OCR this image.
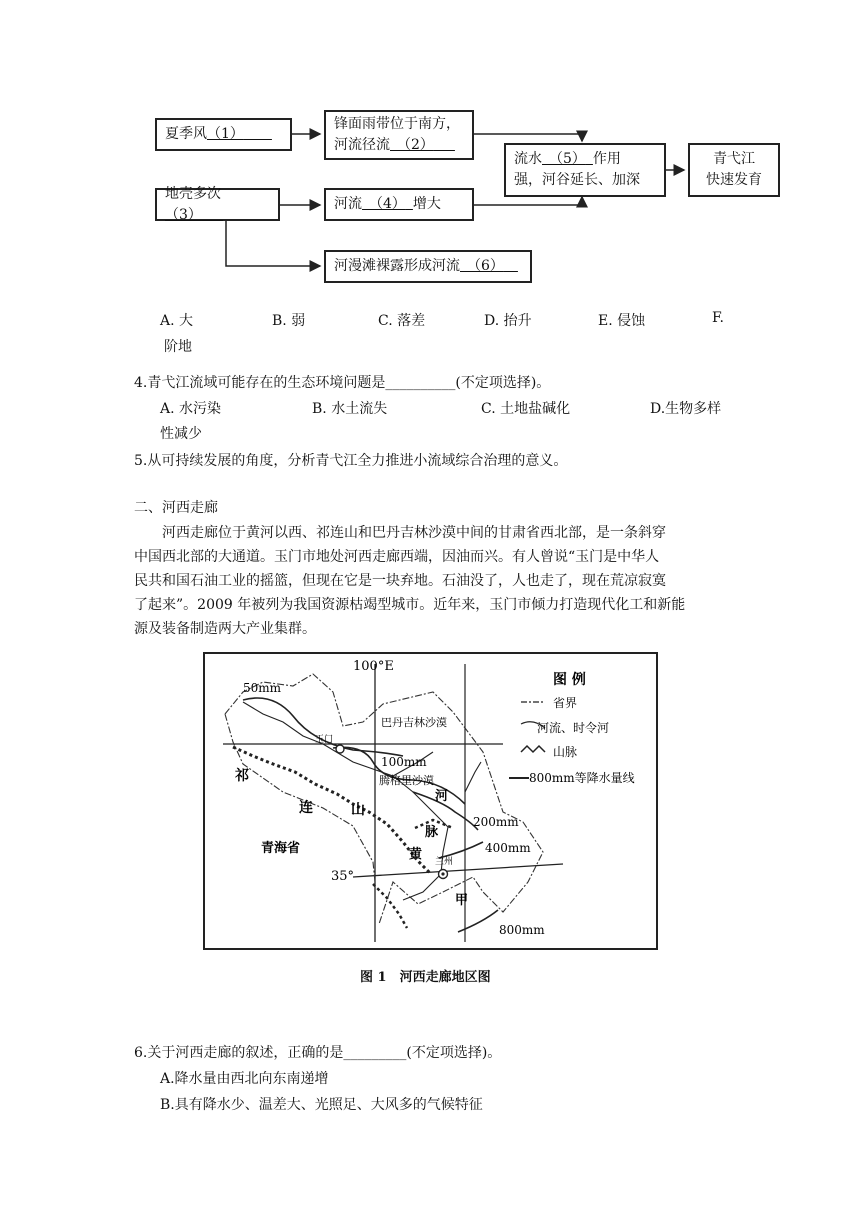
夏季风（1）  
锋面雨带位于南方，
河流径流  （2）  
流水  （5）  作用
强，河谷延长、加深
青弋江
快速发育
地壳多次（3）  
河流  （4）  增大
河漫滩裸露形成河流  （6） 
A. 大	B. 弱	C. 落差	D. 抬升	E. 侵蚀	F.
阶地
4.青弋江流域可能存在的生态环境问题是__________(不定项选择)。
A. 水污染	B. 水土流失	C. 土地盐碱化	D.生物多样
性减少
5.从可持续发展的角度，分析青弋江全力推进小流域综合治理的意义。
二、河西走廊
河西走廊位于黄河以西、祁连山和巴丹吉林沙漠中间的甘肃省西北部，是一条斜穿
中国西北部的大通道。玉门市地处河西走廊西端，因油而兴。有人曾说“玉门是中华人
民共和国石油工业的摇篮，但现在它是一块弃地。石油没了，人也走了，现在荒凉寂寞
了起来”。2009 年被列为我国资源枯竭型城市。近年来，玉门市倾力打造现代化工和新能
源及装备制造两大产业集群。
100°E
35°
50mm
100mm
200mm
400mm
800mm
巴丹吉林沙漠
腾格里沙漠
玉门
兰州
青海省
祁
连	山
河
脉
黄
甲
图 例
省界
河流、时令河
山脉
800mm等降水量线
图 1　河西走廊地区图
6.关于河西走廊的叙述，正确的是_________(不定项选择)。
A.降水量由西北向东南递增
B.具有降水少、温差大、光照足、大风多的气候特征
